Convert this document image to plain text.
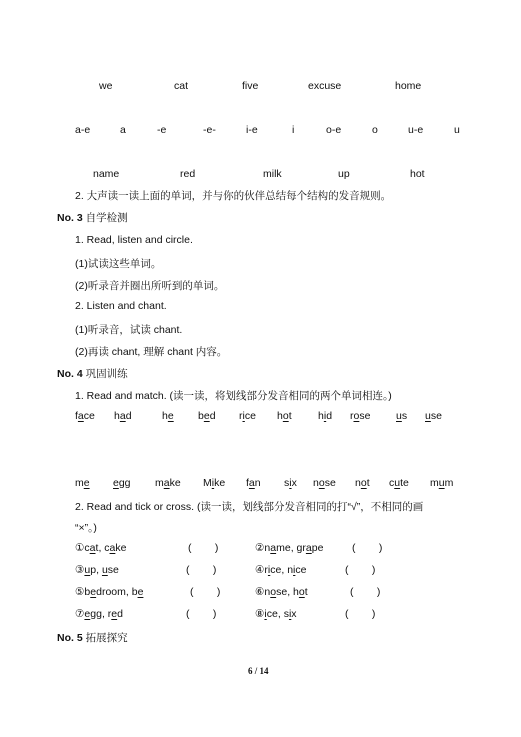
we	cat	five	excuse	home
a-e	a	-e	-e-	i-e	i	o-e	o	u-e	u
name	red	milk	up	hot
2. 大声读一读上面的单词，并与你的伙伴总结每个结构的发音规则。
No. 3 自学检测
1. Read, listen and circle.
(1)试读这些单词。
(2)听录音并圈出所听到的单词。
2. Listen and chant.
(1)听录音，试读 chant.
(2)再读 chant, 理解 chant 内容。
No. 4 巩固训练
1. Read and match. (读一读，将划线部分发音相同的两个单词相连。)
face had	he bed rice hot	hid rose us use
me egg make Mike fan six nose not cute mum
2. Read and tick or cross. (读一读，划线部分发音相同的打“√”，不相同的画
“×”。)
①cat, cake	(        )	②name, grape	(        )
③up, use	(        )	④rice, nice	(        )
⑤bedroom, be	(        )	⑥nose, hot	(        )
⑦egg, red	(        )	⑧ice, six	(        )
No. 5 拓展探究
6 / 14
